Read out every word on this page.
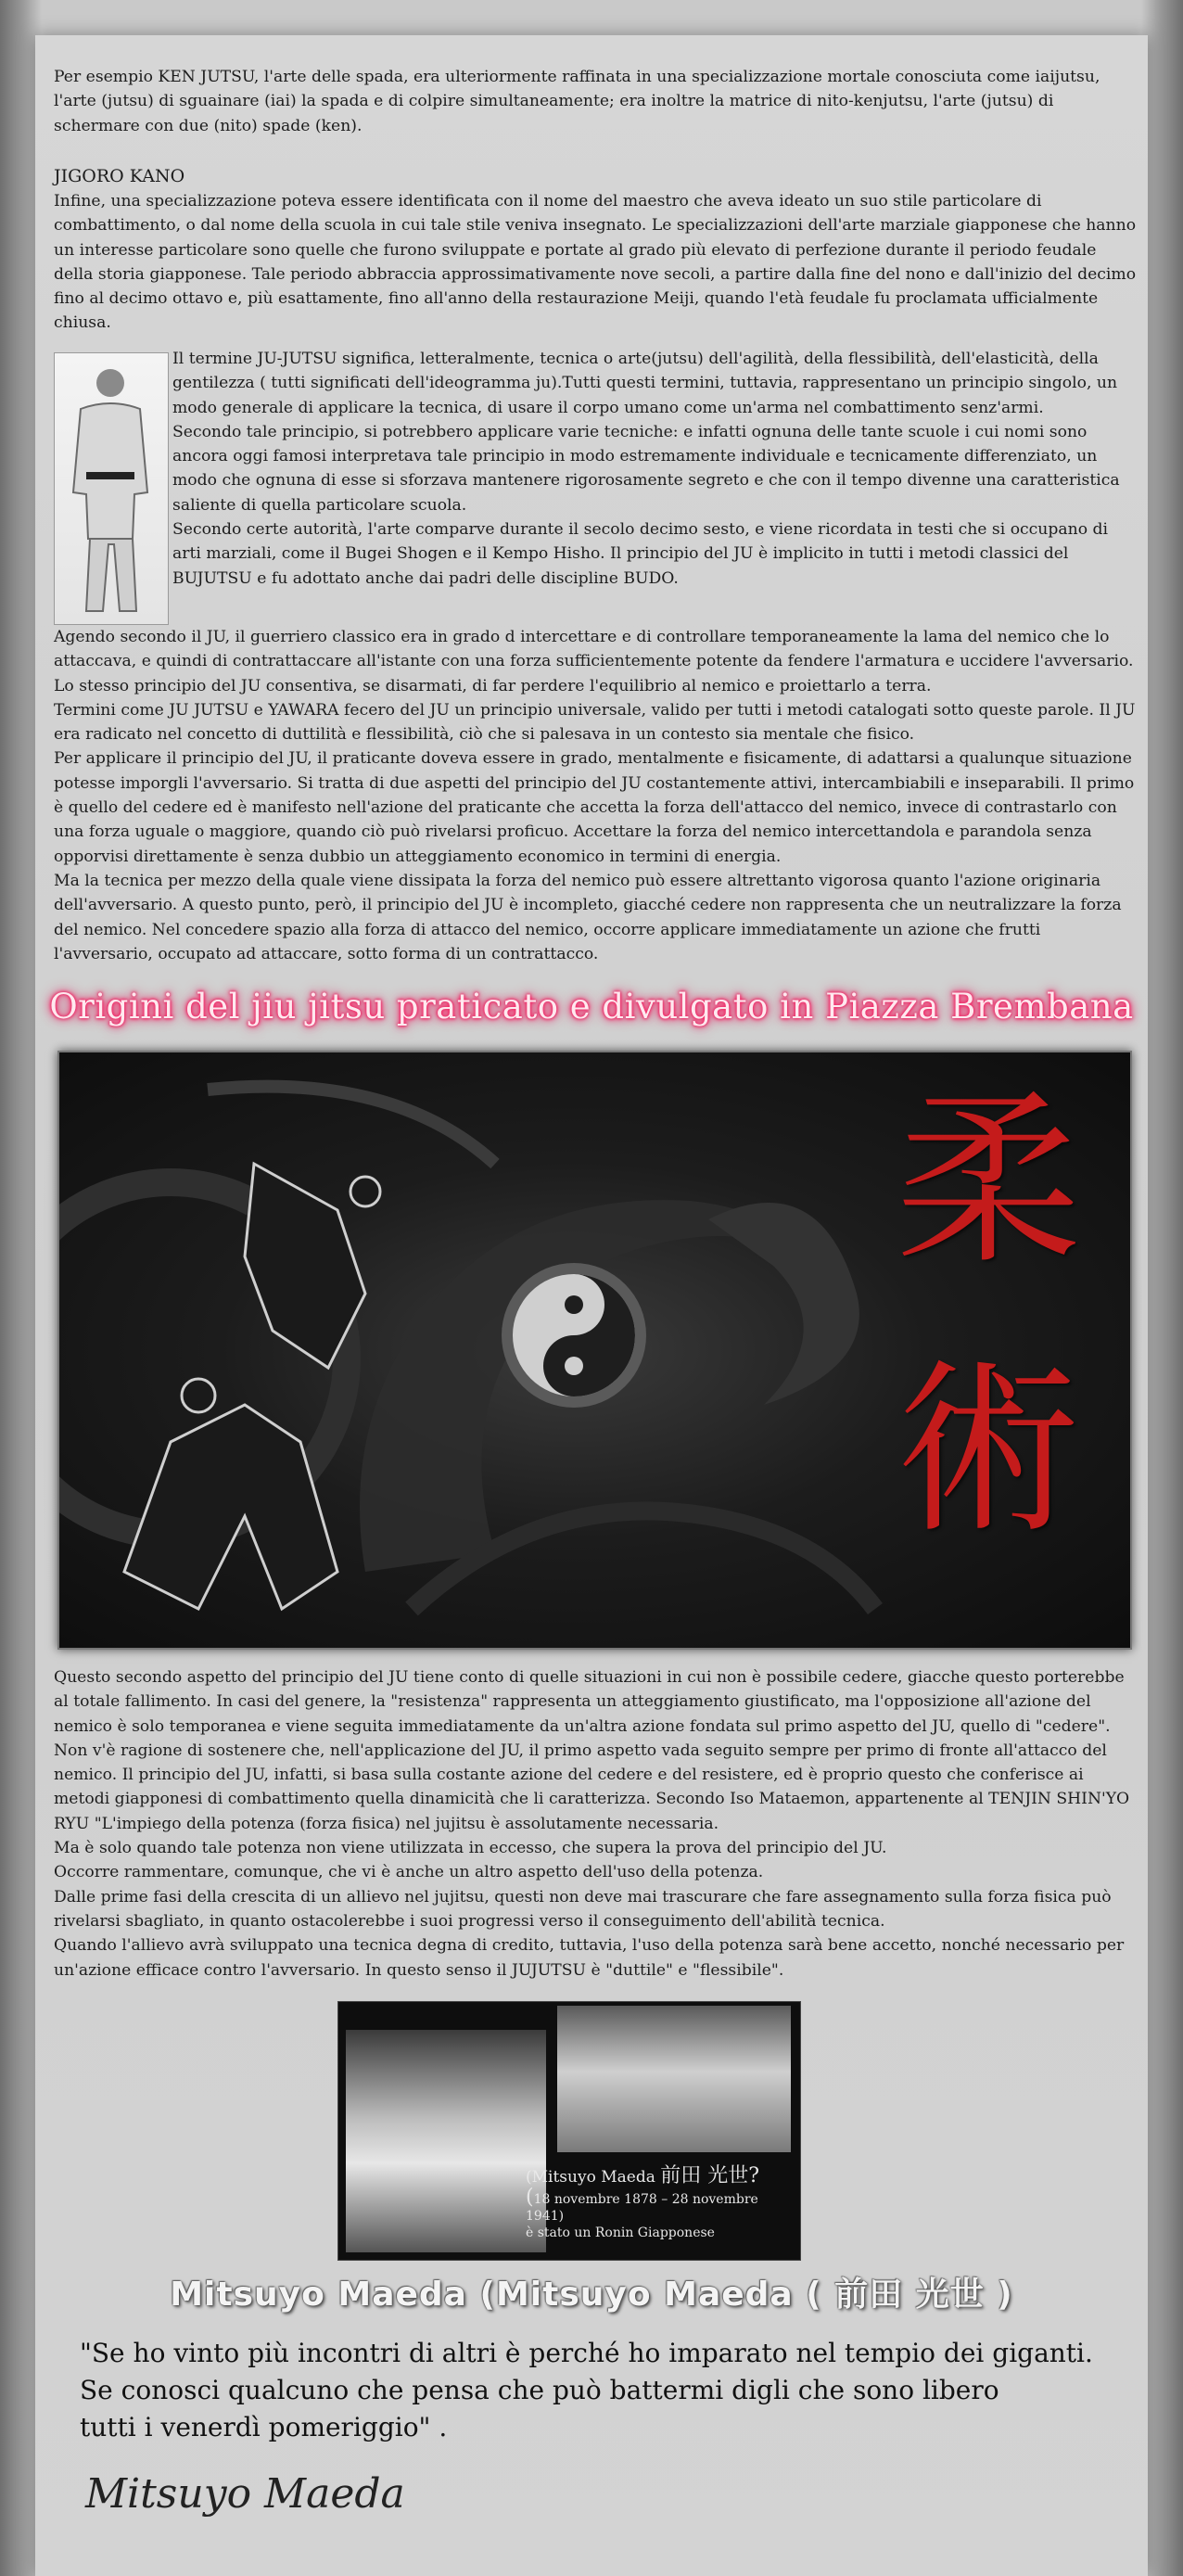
Per esempio KEN JUTSU, l'arte delle spada, era ulteriormente raffinata in una specializzazione mortale conosciuta come iaijutsu, l'arte (jutsu) di sguainare (iai) la spada e di colpire simultaneamente; era inoltre la matrice di nito-kenjutsu, l'arte (jutsu) di schermare con due (nito) spade (ken).
JIGORO KANO
Infine, una specializzazione poteva essere identificata con il nome del maestro che aveva ideato un suo stile particolare di combattimento, o dal nome della scuola in cui tale stile veniva insegnato. Le specializzazioni dell'arte marziale giapponese che hanno un interesse particolare sono quelle che furono sviluppate e portate al grado più elevato di perfezione durante il periodo feudale della storia giapponese. Tale periodo abbraccia approssimativamente nove secoli, a partire dalla fine del nono e dall'inizio del decimo fino al decimo ottavo e, più esattamente, fino all'anno della restaurazione Meiji, quando l'età feudale fu proclamata ufficialmente chiusa.

Il termine JU-JUTSU significa, letteralmente, tecnica o arte(jutsu) dell'agilità, della flessibilità, dell'elasticità, della gentilezza ( tutti significati dell'ideogramma ju).Tutti questi termini, tuttavia, rappresentano un principio singolo, un modo generale di applicare la tecnica, di usare il corpo umano come un'arma nel combattimento senz'armi.

Secondo tale principio, si potrebbero applicare varie tecniche: e infatti ognuna delle tante scuole i cui nomi sono ancora oggi famosi interpretava tale principio in modo estremamente individuale e tecnicamente differenziato, un modo che ognuna di esse si sforzava mantenere rigorosamente segreto e che con il tempo divenne una caratteristica saliente di quella particolare scuola.

Secondo certe autorità, l'arte comparve durante il secolo decimo sesto, e viene ricordata in testi che si occupano di arti marziali, come il Bugei Shogen e il Kempo Hisho. Il principio del JU è implicito in tutti i metodi classici del BUJUTSU e fu adottato anche dai padri delle discipline BUDO.

Agendo secondo il JU, il guerriero classico era in grado d intercettare e di controllare temporaneamente la lama del nemico che lo attaccava, e quindi di contrattaccare all'istante con una forza sufficientemente potente da fendere l'armatura e uccidere l'avversario. Lo stesso principio del JU consentiva, se disarmati, di far perdere l'equilibrio al nemico e proiettarlo a terra.

Termini come JU JUTSU e YAWARA fecero del JU un principio universale, valido per tutti i metodi catalogati sotto queste parole. Il JU era radicato nel concetto di duttilità e flessibilità, ciò che si palesava in un contesto sia mentale che fisico.

Per applicare il principio del JU, il praticante doveva essere in grado, mentalmente e fisicamente, di adattarsi a qualunque situazione potesse imporgli l'avversario. Si tratta di due aspetti del principio del JU costantemente attivi, intercambiabili e inseparabili. Il primo è quello del cedere ed è manifesto nell'azione del praticante che accetta la forza dell'attacco del nemico, invece di contrastarlo con una forza uguale o maggiore, quando ciò può rivelarsi proficuo. Accettare la forza del nemico intercettandola e parandola senza opporvisi direttamente è senza dubbio un atteggiamento economico in termini di energia.

Ma la tecnica per mezzo della quale viene dissipata la forza del nemico può essere altrettanto vigorosa quanto l'azione originaria dell'avversario. A questo punto, però, il principio del JU è incompleto, giacché cedere non rappresenta che un neutralizzare la forza del nemico. Nel concedere spazio alla forza di attacco del nemico, occorre applicare immediatamente un azione che frutti l'avversario, occupato ad attaccare, sotto forma di un contrattacco.

Origini del jiu jitsu praticato e divulgato in Piazza Brembana
柔
術

Questo secondo aspetto del principio del JU tiene conto di quelle situazioni in cui non è possibile cedere, giacche questo porterebbe al totale fallimento. In casi del genere, la "resistenza" rappresenta un atteggiamento giustificato, ma l'opposizione all'azione del nemico è solo temporanea e viene seguita immediatamente da un'altra azione fondata sul primo aspetto del JU, quello di "cedere". Non v'è ragione di sostenere che, nell'applicazione del JU, il primo aspetto vada seguito sempre per primo di fronte all'attacco del nemico. Il principio del JU, infatti, si basa sulla costante azione del cedere e del resistere, ed è proprio questo che conferisce ai metodi giapponesi di combattimento quella dinamicità che li caratterizza. Secondo Iso Mataemon, appartenente al TENJIN SHIN'YO RYU "L'impiego della potenza (forza fisica) nel jujitsu è assolutamente necessaria.

Ma è solo quando tale potenza non viene utilizzata in eccesso, che supera la prova del principio del JU.

Occorre rammentare, comunque, che vi è anche un altro aspetto dell'uso della potenza.

Dalle prime fasi della crescita di un allievo nel jujitsu, questi non deve mai trascurare che fare assegnamento sulla forza fisica può rivelarsi sbagliato, in quanto ostacolerebbe i suoi progressi verso il conseguimento dell'abilità tecnica.

Quando l'allievo avrà sviluppato una tecnica degna di credito, tuttavia, l'uso della potenza sarà bene accetto, nonché necessario per un'azione efficace contro l'avversario. In questo senso il JUJUTSU è "duttile" e "flessibile".

(Mitsuyo Maeda 前田 光世?
(18 novembre 1878 – 28 novembre 1941)
è stato un Ronin Giapponese
Mitsuyo Maeda (Mitsuyo Maeda ( 前田 光世 )

"Se ho vinto più incontri di altri è perché ho imparato nel tempio dei giganti.

Se conosci qualcuno che pensa che può battermi digli che sono libero

tutti i venerdì pomeriggio" .

Mitsuyo Maeda
